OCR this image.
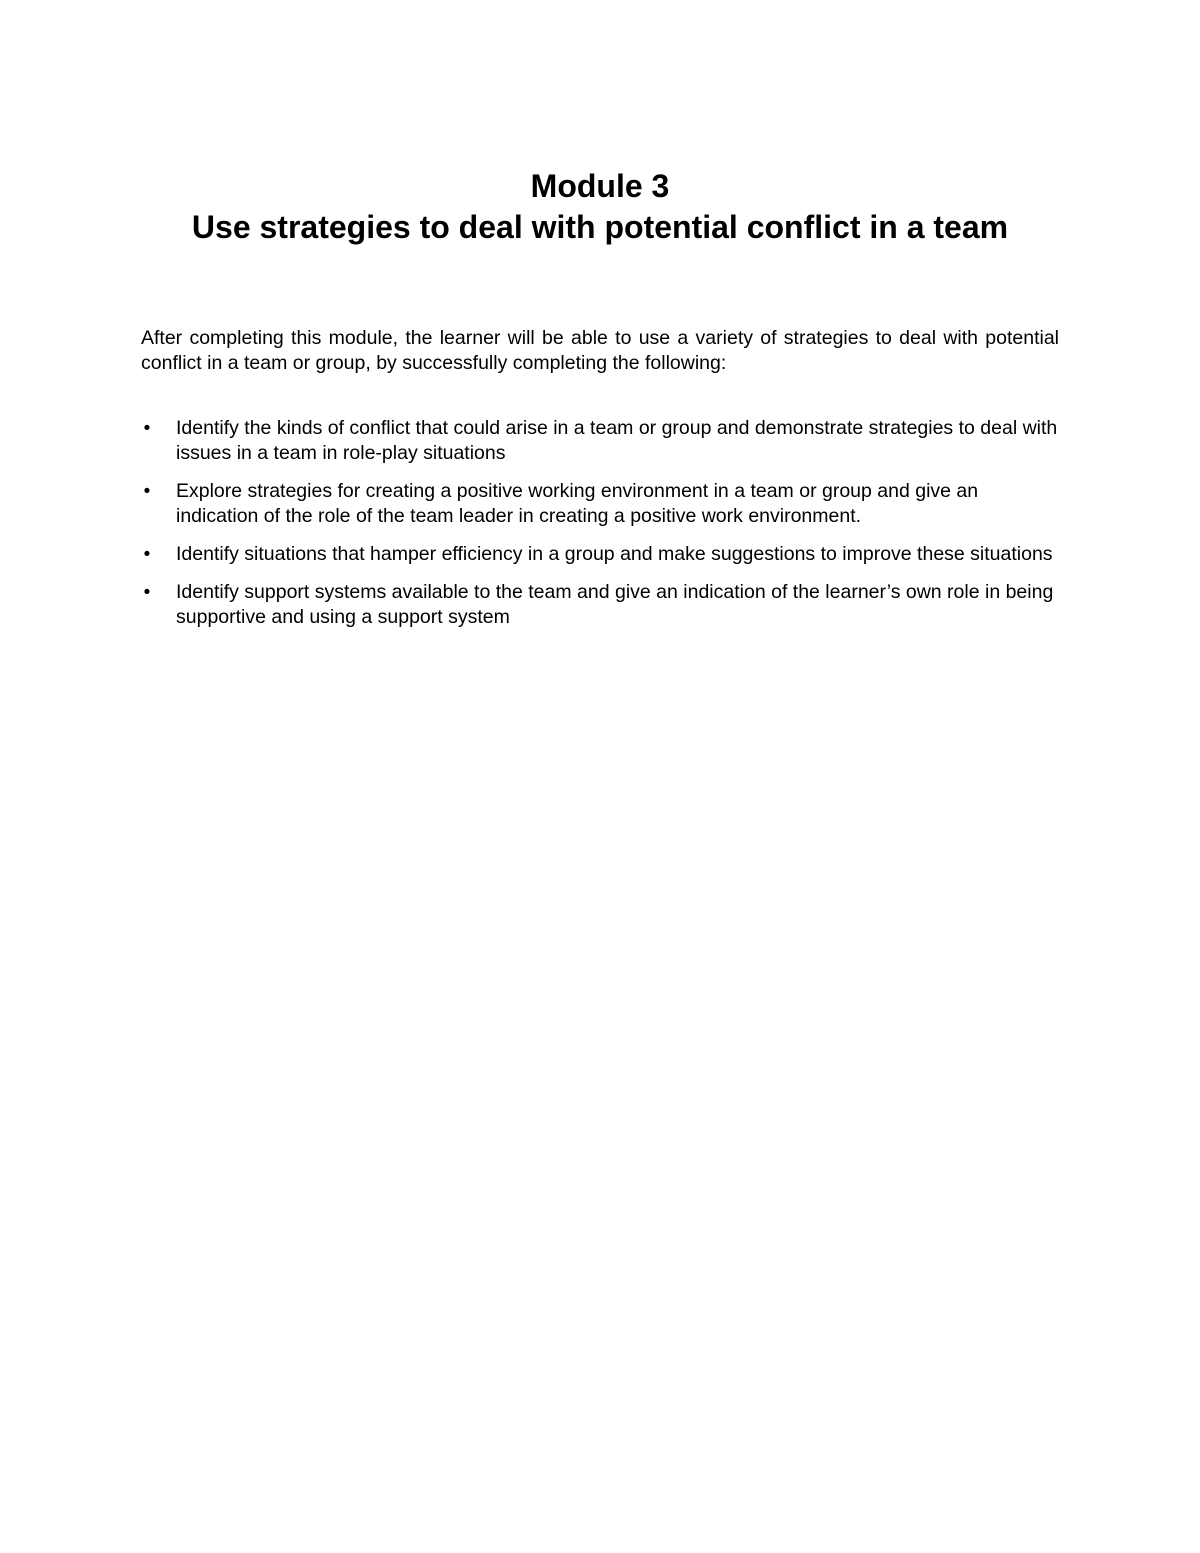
Module 3
Use strategies to deal with potential conflict in a team

After completing this module, the learner will be able to use a variety of strategies to deal with potential conflict in a team or group, by successfully completing the following:

• Identify the kinds of conflict that could arise in a team or group and demonstrate strategies to deal with issues in a team in role-play situations
• Explore strategies for creating a positive working environment in a team or group and give an indication of the role of the team leader in creating a positive work environment.
• Identify situations that hamper efficiency in a group and make suggestions to improve these situations
• Identify support systems available to the team and give an indication of the learner’s own role in being supportive and using a support system
